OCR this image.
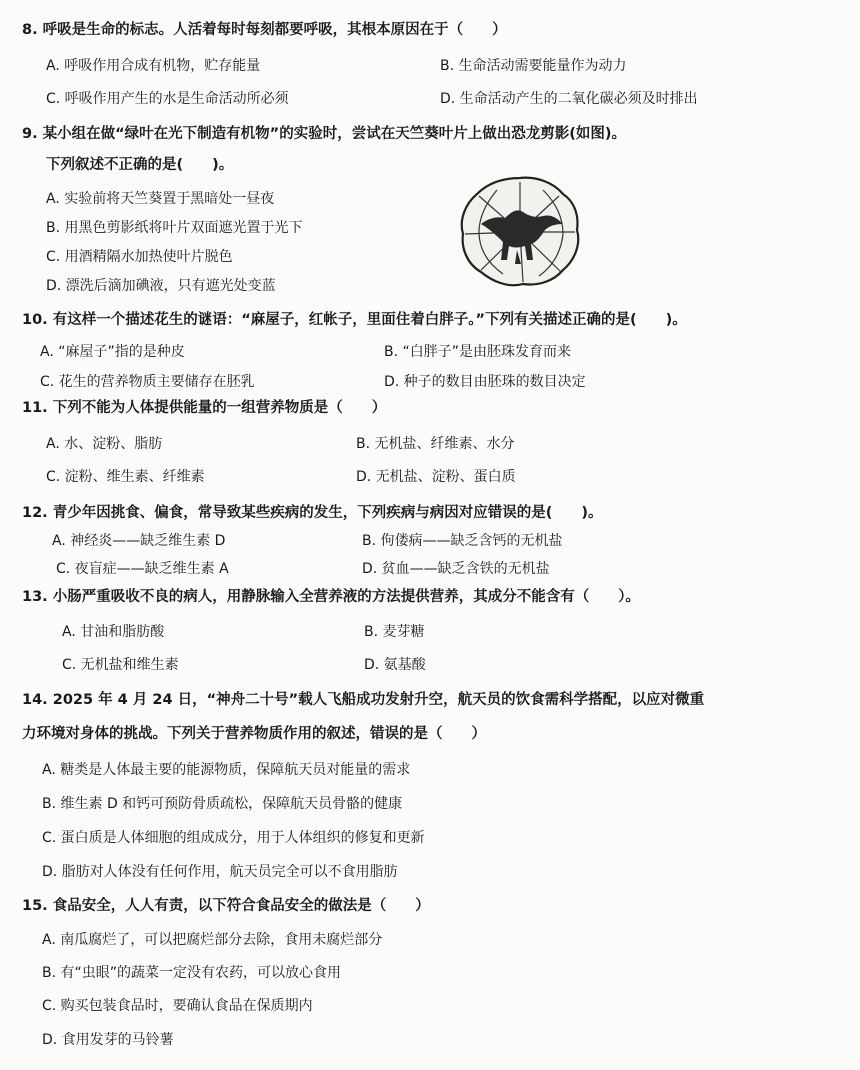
8. 呼吸是生命的标志。人活着每时每刻都要呼吸，其根本原因在于（　　）
A. 呼吸作用合成有机物，贮存能量	B. 生命活动需要能量作为动力
C. 呼吸作用产生的水是生命活动所必须	D. 生命活动产生的二氧化碳必须及时排出
9. 某小组在做“绿叶在光下制造有机物”的实验时，尝试在天竺葵叶片上做出恐龙剪影(如图)。
下列叙述不正确的是(　　)。
A. 实验前将天竺葵置于黑暗处一昼夜
B. 用黑色剪影纸将叶片双面遮光置于光下
C. 用酒精隔水加热使叶片脱色
D. 漂洗后滴加碘液，只有遮光处变蓝
10. 有这样一个描述花生的谜语：“麻屋子，红帐子，里面住着白胖子。”下列有关描述正确的是(　　)。
A. “麻屋子”指的是种皮	B. “白胖子”是由胚珠发育而来
C. 花生的营养物质主要储存在胚乳	D. 种子的数目由胚珠的数目决定
11. 下列不能为人体提供能量的一组营养物质是（　　）
A. 水、淀粉、脂肪	B. 无机盐、纤维素、水分
C. 淀粉、维生素、纤维素	D. 无机盐、淀粉、蛋白质
12. 青少年因挑食、偏食，常导致某些疾病的发生，下列疾病与病因对应错误的是(　　)。
A. 神经炎——缺乏维生素 D	B. 佝偻病——缺乏含钙的无机盐
C. 夜盲症——缺乏维生素 A	D. 贫血——缺乏含铁的无机盐
13. 小肠严重吸收不良的病人，用静脉输入全营养液的方法提供营养，其成分不能含有（　　）。
A. 甘油和脂肪酸	B. 麦芽糖
C. 无机盐和维生素	D. 氨基酸
14. 2025 年 4 月 24 日，“神舟二十号”载人飞船成功发射升空，航天员的饮食需科学搭配，以应对微重
力环境对身体的挑战。下列关于营养物质作用的叙述，错误的是（　　）
A. 糖类是人体最主要的能源物质，保障航天员对能量的需求
B. 维生素 D 和钙可预防骨质疏松，保障航天员骨骼的健康
C. 蛋白质是人体细胞的组成成分，用于人体组织的修复和更新
D. 脂肪对人体没有任何作用，航天员完全可以不食用脂肪
15. 食品安全，人人有责，以下符合食品安全的做法是（　　）
A. 南瓜腐烂了，可以把腐烂部分去除，食用未腐烂部分
B. 有“虫眼”的蔬菜一定没有农药，可以放心食用
C. 购买包装食品时，要确认食品在保质期内
D. 食用发芽的马铃薯
